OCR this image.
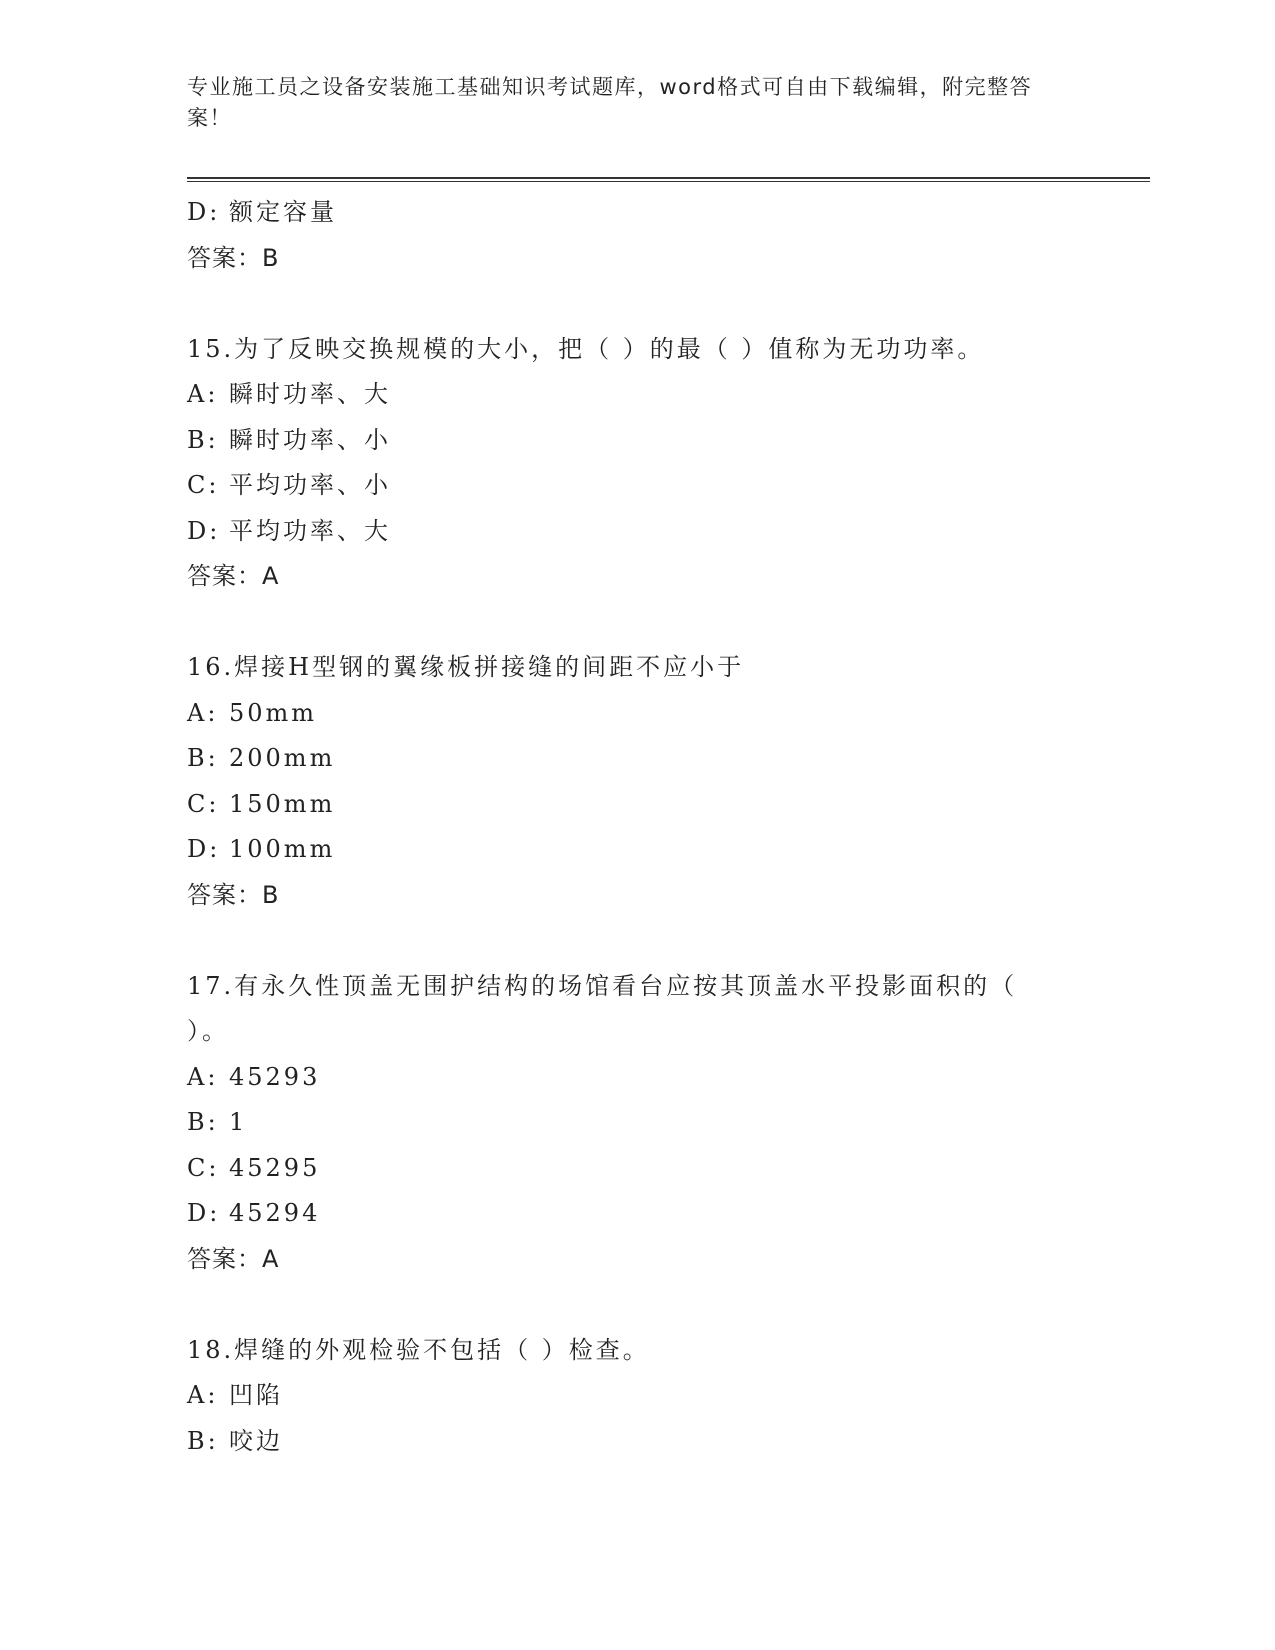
专业施工员之设备安装施工基础知识考试题库，word格式可自由下载编辑，附完整答案！
D: 额定容量
答案：B
15.为了反映交换规模的大小，把（ ）的最（ ）值称为无功功率。
A: 瞬时功率、大
B: 瞬时功率、小
C: 平均功率、小
D: 平均功率、大
答案：A
16.焊接H型钢的翼缘板拼接缝的间距不应小于
A: 50mm
B: 200mm
C: 150mm
D: 100mm
答案：B
17.有永久性顶盖无围护结构的场馆看台应按其顶盖水平投影面积的（ ）。
A: 45293
B: 1
C: 45295
D: 45294
答案：A
18.焊缝的外观检验不包括（ ）检查。
A: 凹陷
B: 咬边
